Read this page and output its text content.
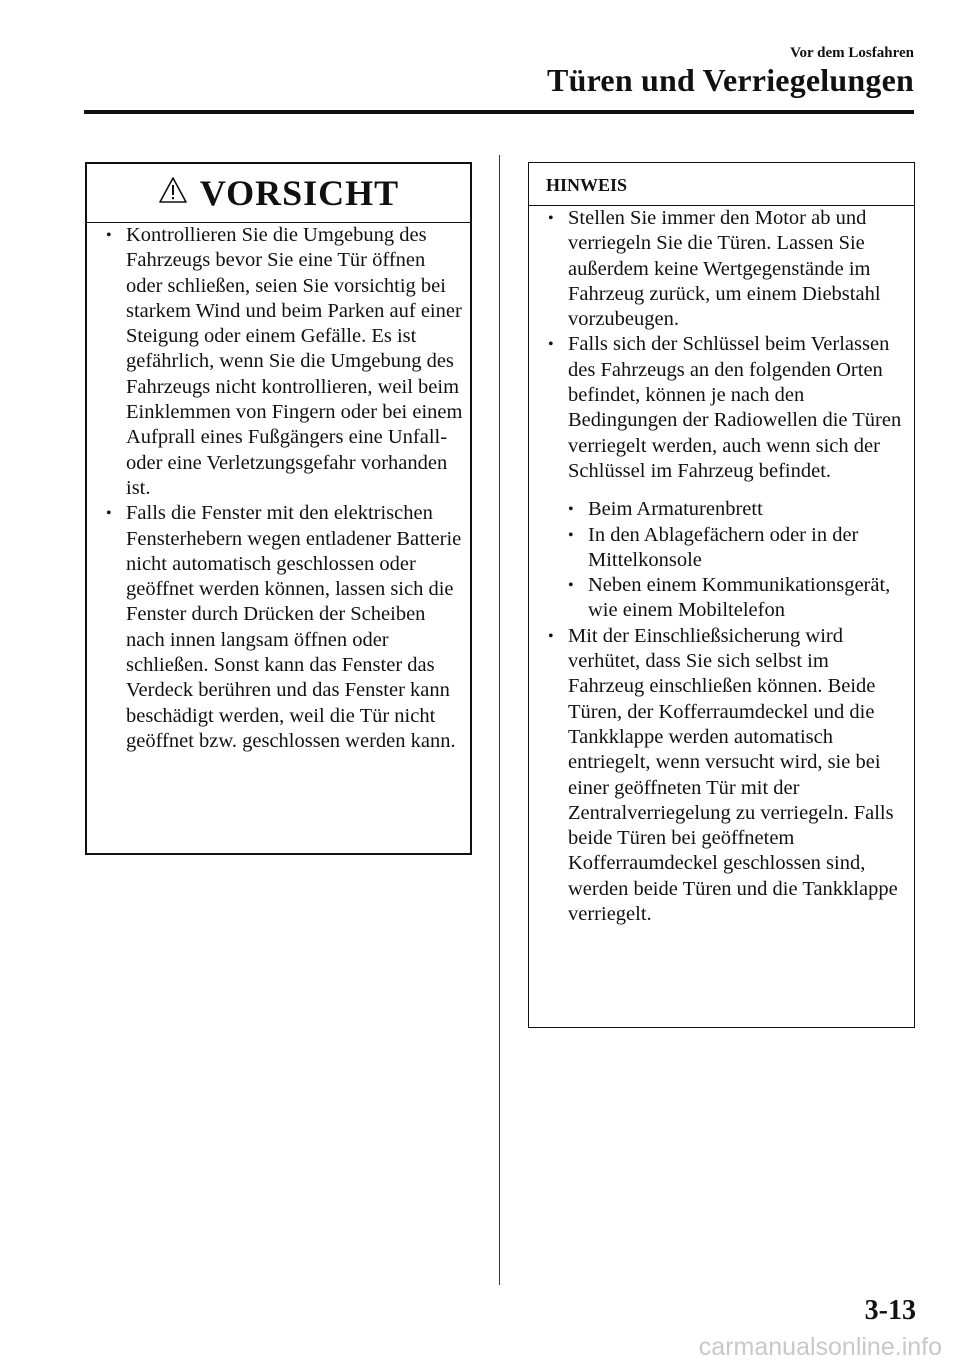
Vor dem Losfahren
Türen und Verriegelungen
VORSICHT
• Kontrollieren Sie die Umgebung des Fahrzeugs bevor Sie eine Tür öffnen oder schließen, seien Sie vorsichtig bei starkem Wind und beim Parken auf einer Steigung oder einem Gefälle. Es ist gefährlich, wenn Sie die Umgebung des Fahrzeugs nicht kontrollieren, weil beim Einklemmen von Fingern oder bei einem Aufprall eines Fußgängers eine Unfall- oder eine Verletzungsgefahr vorhanden ist.
• Falls die Fenster mit den elektrischen Fensterhebern wegen entladener Batterie nicht automatisch geschlossen oder geöffnet werden können, lassen sich die Fenster durch Drücken der Scheiben nach innen langsam öffnen oder schließen. Sonst kann das Fenster das Verdeck berühren und das Fenster kann beschädigt werden, weil die Tür nicht geöffnet bzw. geschlossen werden kann.
HINWEIS
• Stellen Sie immer den Motor ab und verriegeln Sie die Türen. Lassen Sie außerdem keine Wertgegenstände im Fahrzeug zurück, um einem Diebstahl vorzubeugen.
• Falls sich der Schlüssel beim Verlassen des Fahrzeugs an den folgenden Orten befindet, können je nach den Bedingungen der Radiowellen die Türen verriegelt werden, auch wenn sich der Schlüssel im Fahrzeug befindet.
• Beim Armaturenbrett
• In den Ablagefächern oder in der Mittelkonsole
• Neben einem Kommunikationsgerät, wie einem Mobiltelefon
• Mit der Einschließsicherung wird verhütet, dass Sie sich selbst im Fahrzeug einschließen können. Beide Türen, der Kofferraumdeckel und die Tankklappe werden automatisch entriegelt, wenn versucht wird, sie bei einer geöffneten Tür mit der Zentralverriegelung zu verriegeln. Falls beide Türen bei geöffnetem Kofferraumdeckel geschlossen sind, werden beide Türen und die Tankklappe verriegelt.
3-13
carmanualsonline.info
